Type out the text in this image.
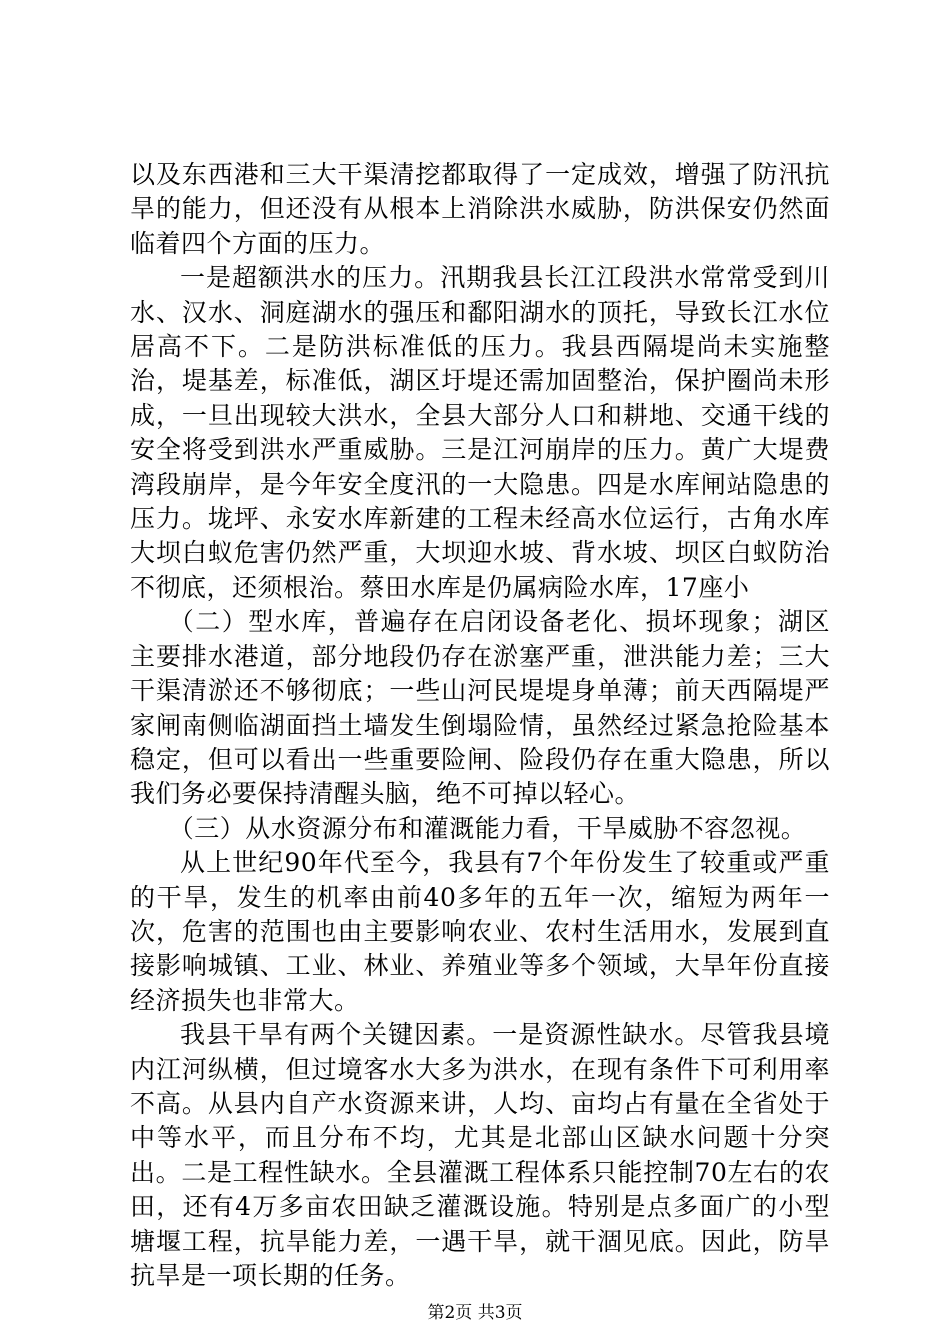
以及东西港和三大干渠清挖都取得了一定成效，增强了防汛抗旱的能力，但还没有从根本上消除洪水威胁，防洪保安仍然面临着四个方面的压力。

一是超额洪水的压力。汛期我县长江江段洪水常常受到川水、汉水、洞庭湖水的强压和鄱阳湖水的顶托，导致长江水位居高不下。二是防洪标准低的压力。我县西隔堤尚未实施整治，堤基差，标准低，湖区圩堤还需加固整治，保护圈尚未形成，一旦出现较大洪水，全县大部分人口和耕地、交通干线的安全将受到洪水严重威胁。三是江河崩岸的压力。黄广大堤费湾段崩岸，是今年安全度汛的一大隐患。四是水库闸站隐患的压力。垅坪、永安水库新建的工程未经高水位运行，古角水库大坝白蚁危害仍然严重，大坝迎水坡、背水坡、坝区白蚁防治不彻底，还须根治。蔡田水库是仍属病险水库，17座小

（二）型水库，普遍存在启闭设备老化、损坏现象；湖区主要排水港道，部分地段仍存在淤塞严重，泄洪能力差；三大干渠清淤还不够彻底；一些山河民堤堤身单薄；前天西隔堤严家闸南侧临湖面挡土墙发生倒塌险情，虽然经过紧急抢险基本稳定，但可以看出一些重要险闸、险段仍存在重大隐患，所以我们务必要保持清醒头脑，绝不可掉以轻心。

（三）从水资源分布和灌溉能力看，干旱威胁不容忽视。

从上世纪90年代至今，我县有7个年份发生了较重或严重的干旱，发生的机率由前40多年的五年一次，缩短为两年一次，危害的范围也由主要影响农业、农村生活用水，发展到直接影响城镇、工业、林业、养殖业等多个领域，大旱年份直接经济损失也非常大。

我县干旱有两个关键因素。一是资源性缺水。尽管我县境内江河纵横，但过境客水大多为洪水，在现有条件下可利用率不高。从县内自产水资源来讲，人均、亩均占有量在全省处于中等水平，而且分布不均，尤其是北部山区缺水问题十分突出。二是工程性缺水。全县灌溉工程体系只能控制70左右的农田，还有4万多亩农田缺乏灌溉设施。特别是点多面广的小型塘堰工程，抗旱能力差，一遇干旱，就干涸见底。因此，防旱抗旱是一项长期的任务。

第2页 共3页
